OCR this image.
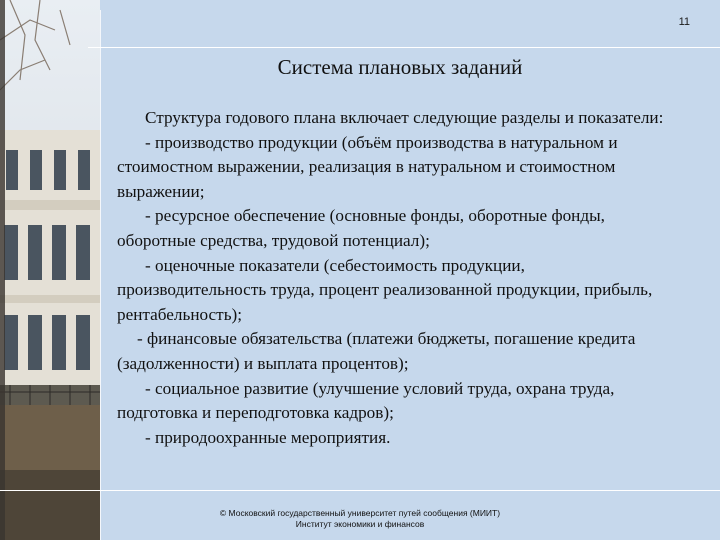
11
Система плановых заданий

Структура годового плана включает следующие разделы и показатели:

- производство продукции (объём производства в натуральном и стоимостном выражении, реализация в натуральном и стоимостном выражении;

- ресурсное обеспечение (основные фонды, оборотные фонды, оборотные средства, трудовой потенциал);

- оценочные показатели (себестоимость продукции, производительность труда, процент реализованной продукции, прибыль, рентабельность);

- финансовые обязательства (платежи бюджеты, погашение кредита (задолженности) и выплата процентов);

- социальное развитие (улучшение условий труда, охрана труда, подготовка и переподготовка кадров);

- природоохранные мероприятия.

© Московский государственный университет путей сообщения (МИИТ)
Институт экономики и финансов
